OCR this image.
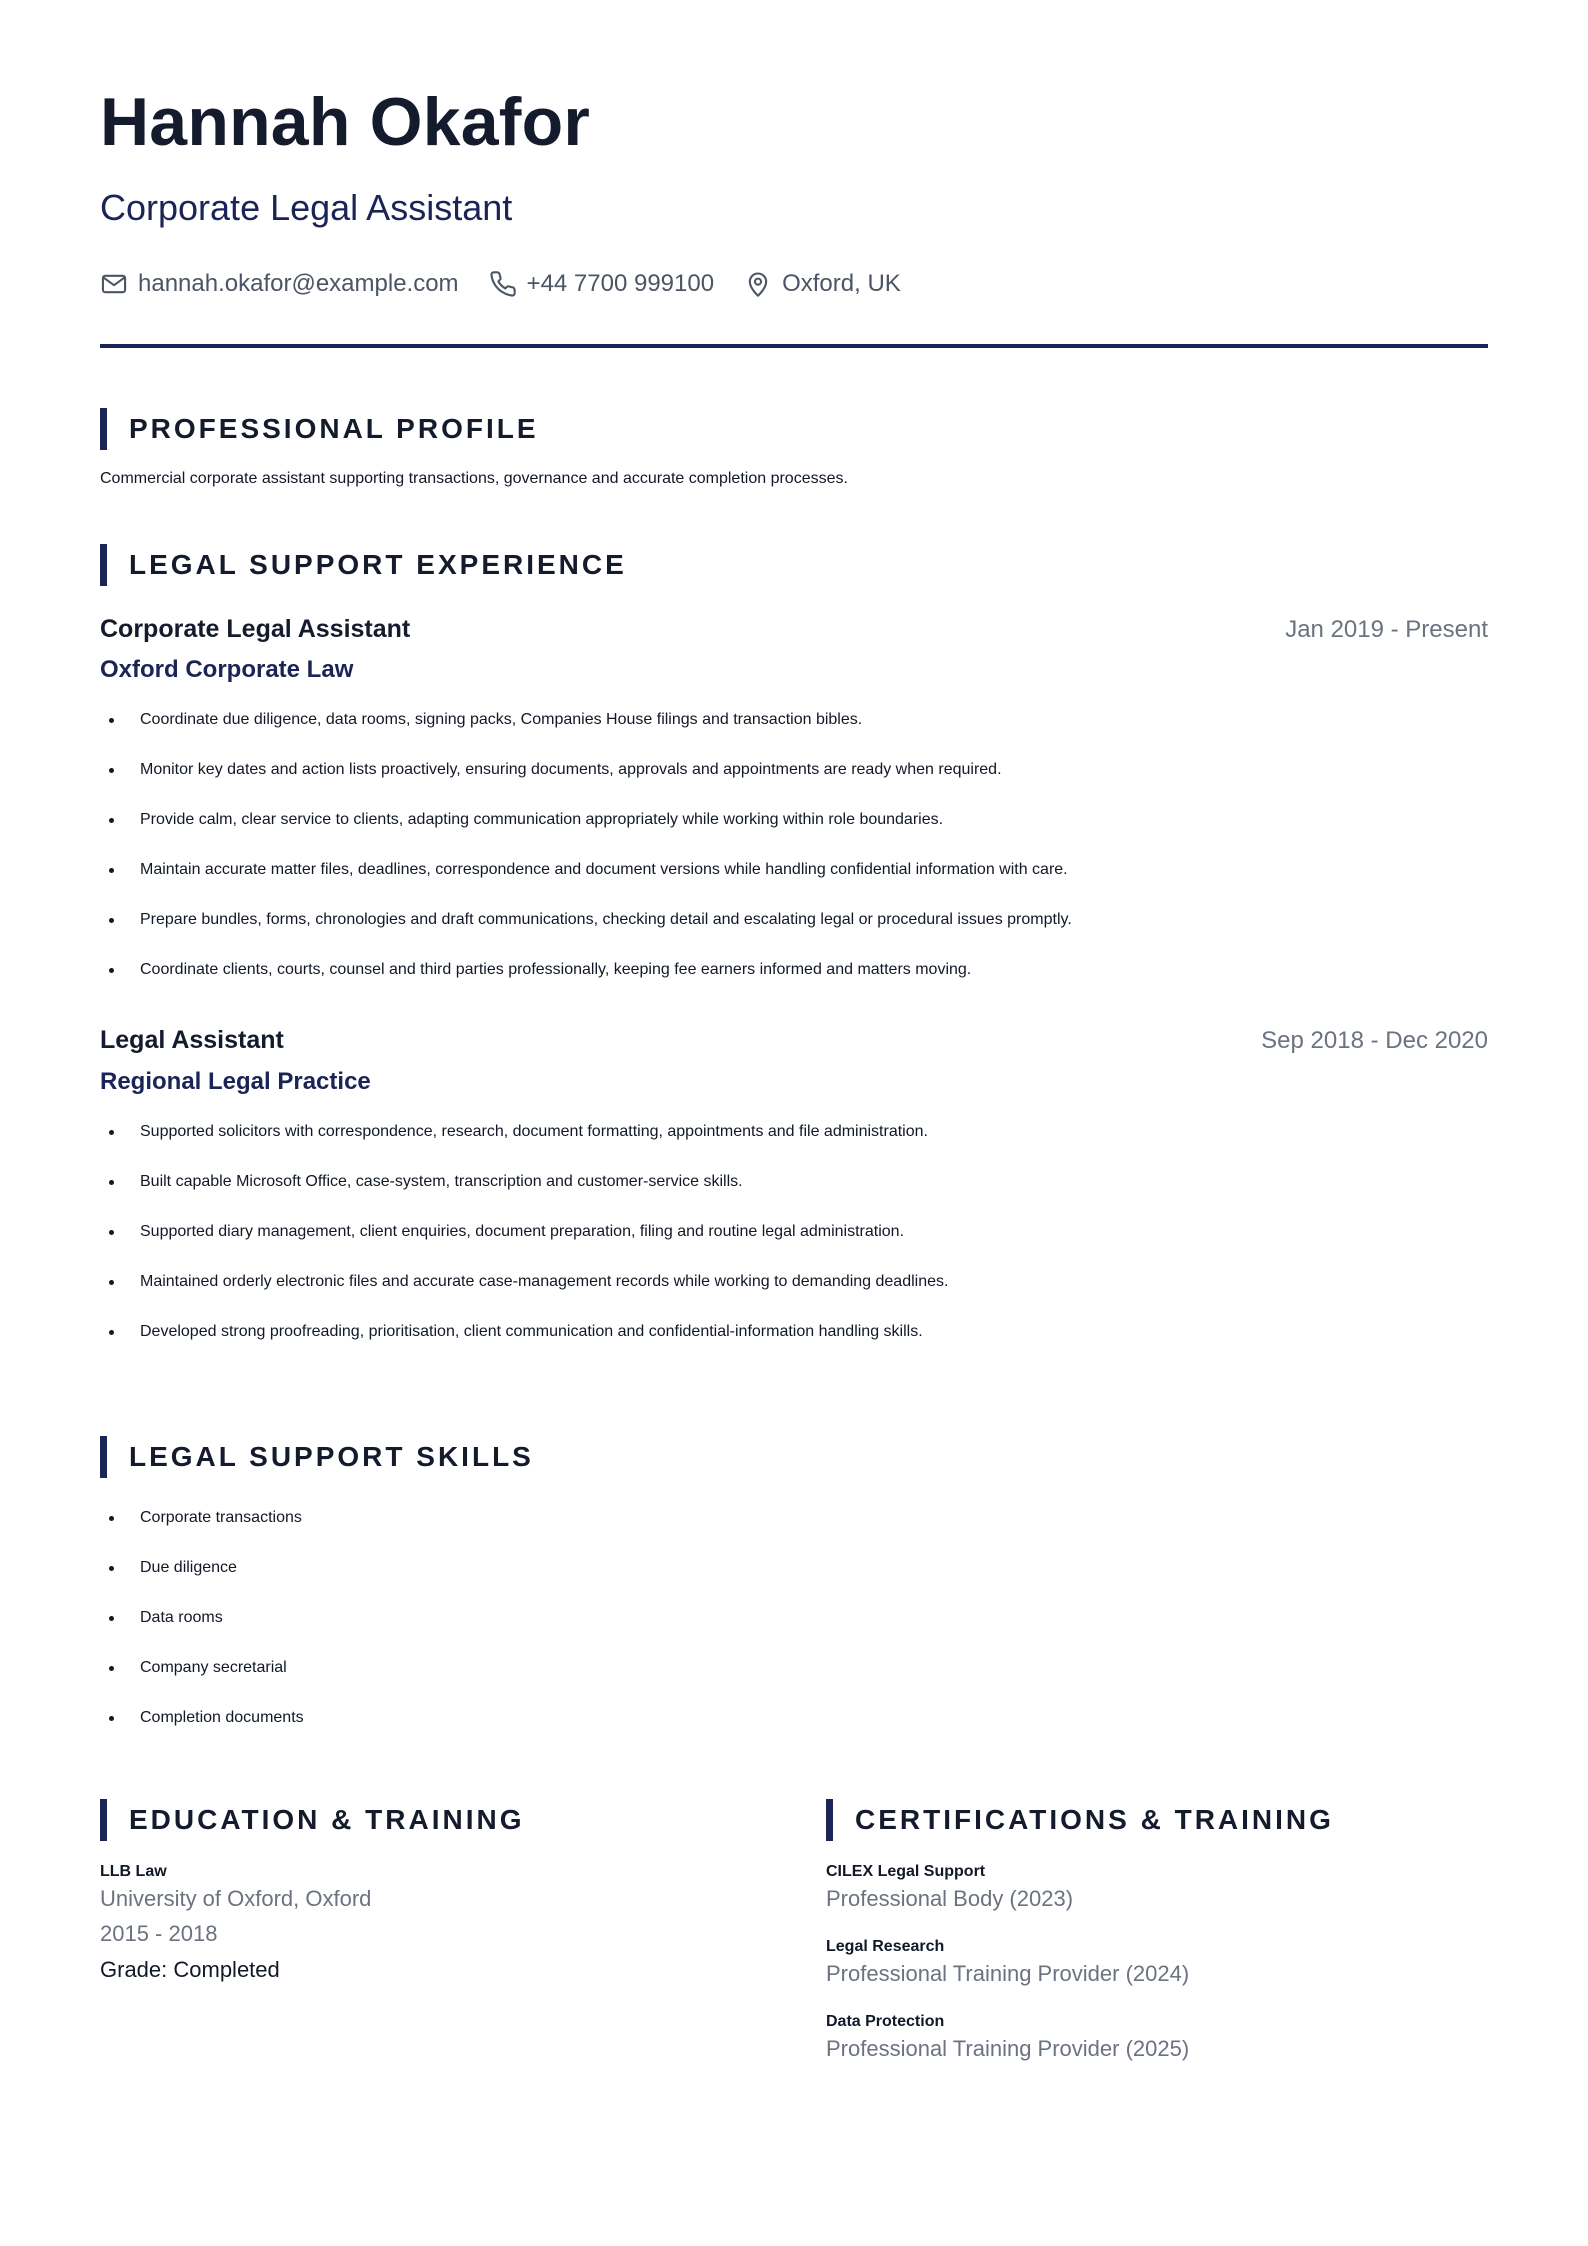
Hannah Okafor
Corporate Legal Assistant
hannah.okafor@example.com	+44 7700 999100	Oxford, UK
PROFESSIONAL PROFILE
Commercial corporate assistant supporting transactions, governance and accurate completion processes.
LEGAL SUPPORT EXPERIENCE
Corporate Legal Assistant	Jan 2019 - Present
Oxford Corporate Law
Coordinate due diligence, data rooms, signing packs, Companies House filings and transaction bibles.
Monitor key dates and action lists proactively, ensuring documents, approvals and appointments are ready when required.
Provide calm, clear service to clients, adapting communication appropriately while working within role boundaries.
Maintain accurate matter files, deadlines, correspondence and document versions while handling confidential information with care.
Prepare bundles, forms, chronologies and draft communications, checking detail and escalating legal or procedural issues promptly.
Coordinate clients, courts, counsel and third parties professionally, keeping fee earners informed and matters moving.
Legal Assistant	Sep 2018 - Dec 2020
Regional Legal Practice
Supported solicitors with correspondence, research, document formatting, appointments and file administration.
Built capable Microsoft Office, case-system, transcription and customer-service skills.
Supported diary management, client enquiries, document preparation, filing and routine legal administration.
Maintained orderly electronic files and accurate case-management records while working to demanding deadlines.
Developed strong proofreading, prioritisation, client communication and confidential-information handling skills.
LEGAL SUPPORT SKILLS
Corporate transactions
Due diligence
Data rooms
Company secretarial
Completion documents
EDUCATION & TRAINING
LLB Law
University of Oxford, Oxford
2015 - 2018
Grade: Completed
CERTIFICATIONS & TRAINING
CILEX Legal Support
Professional Body (2023)
Legal Research
Professional Training Provider (2024)
Data Protection
Professional Training Provider (2025)
